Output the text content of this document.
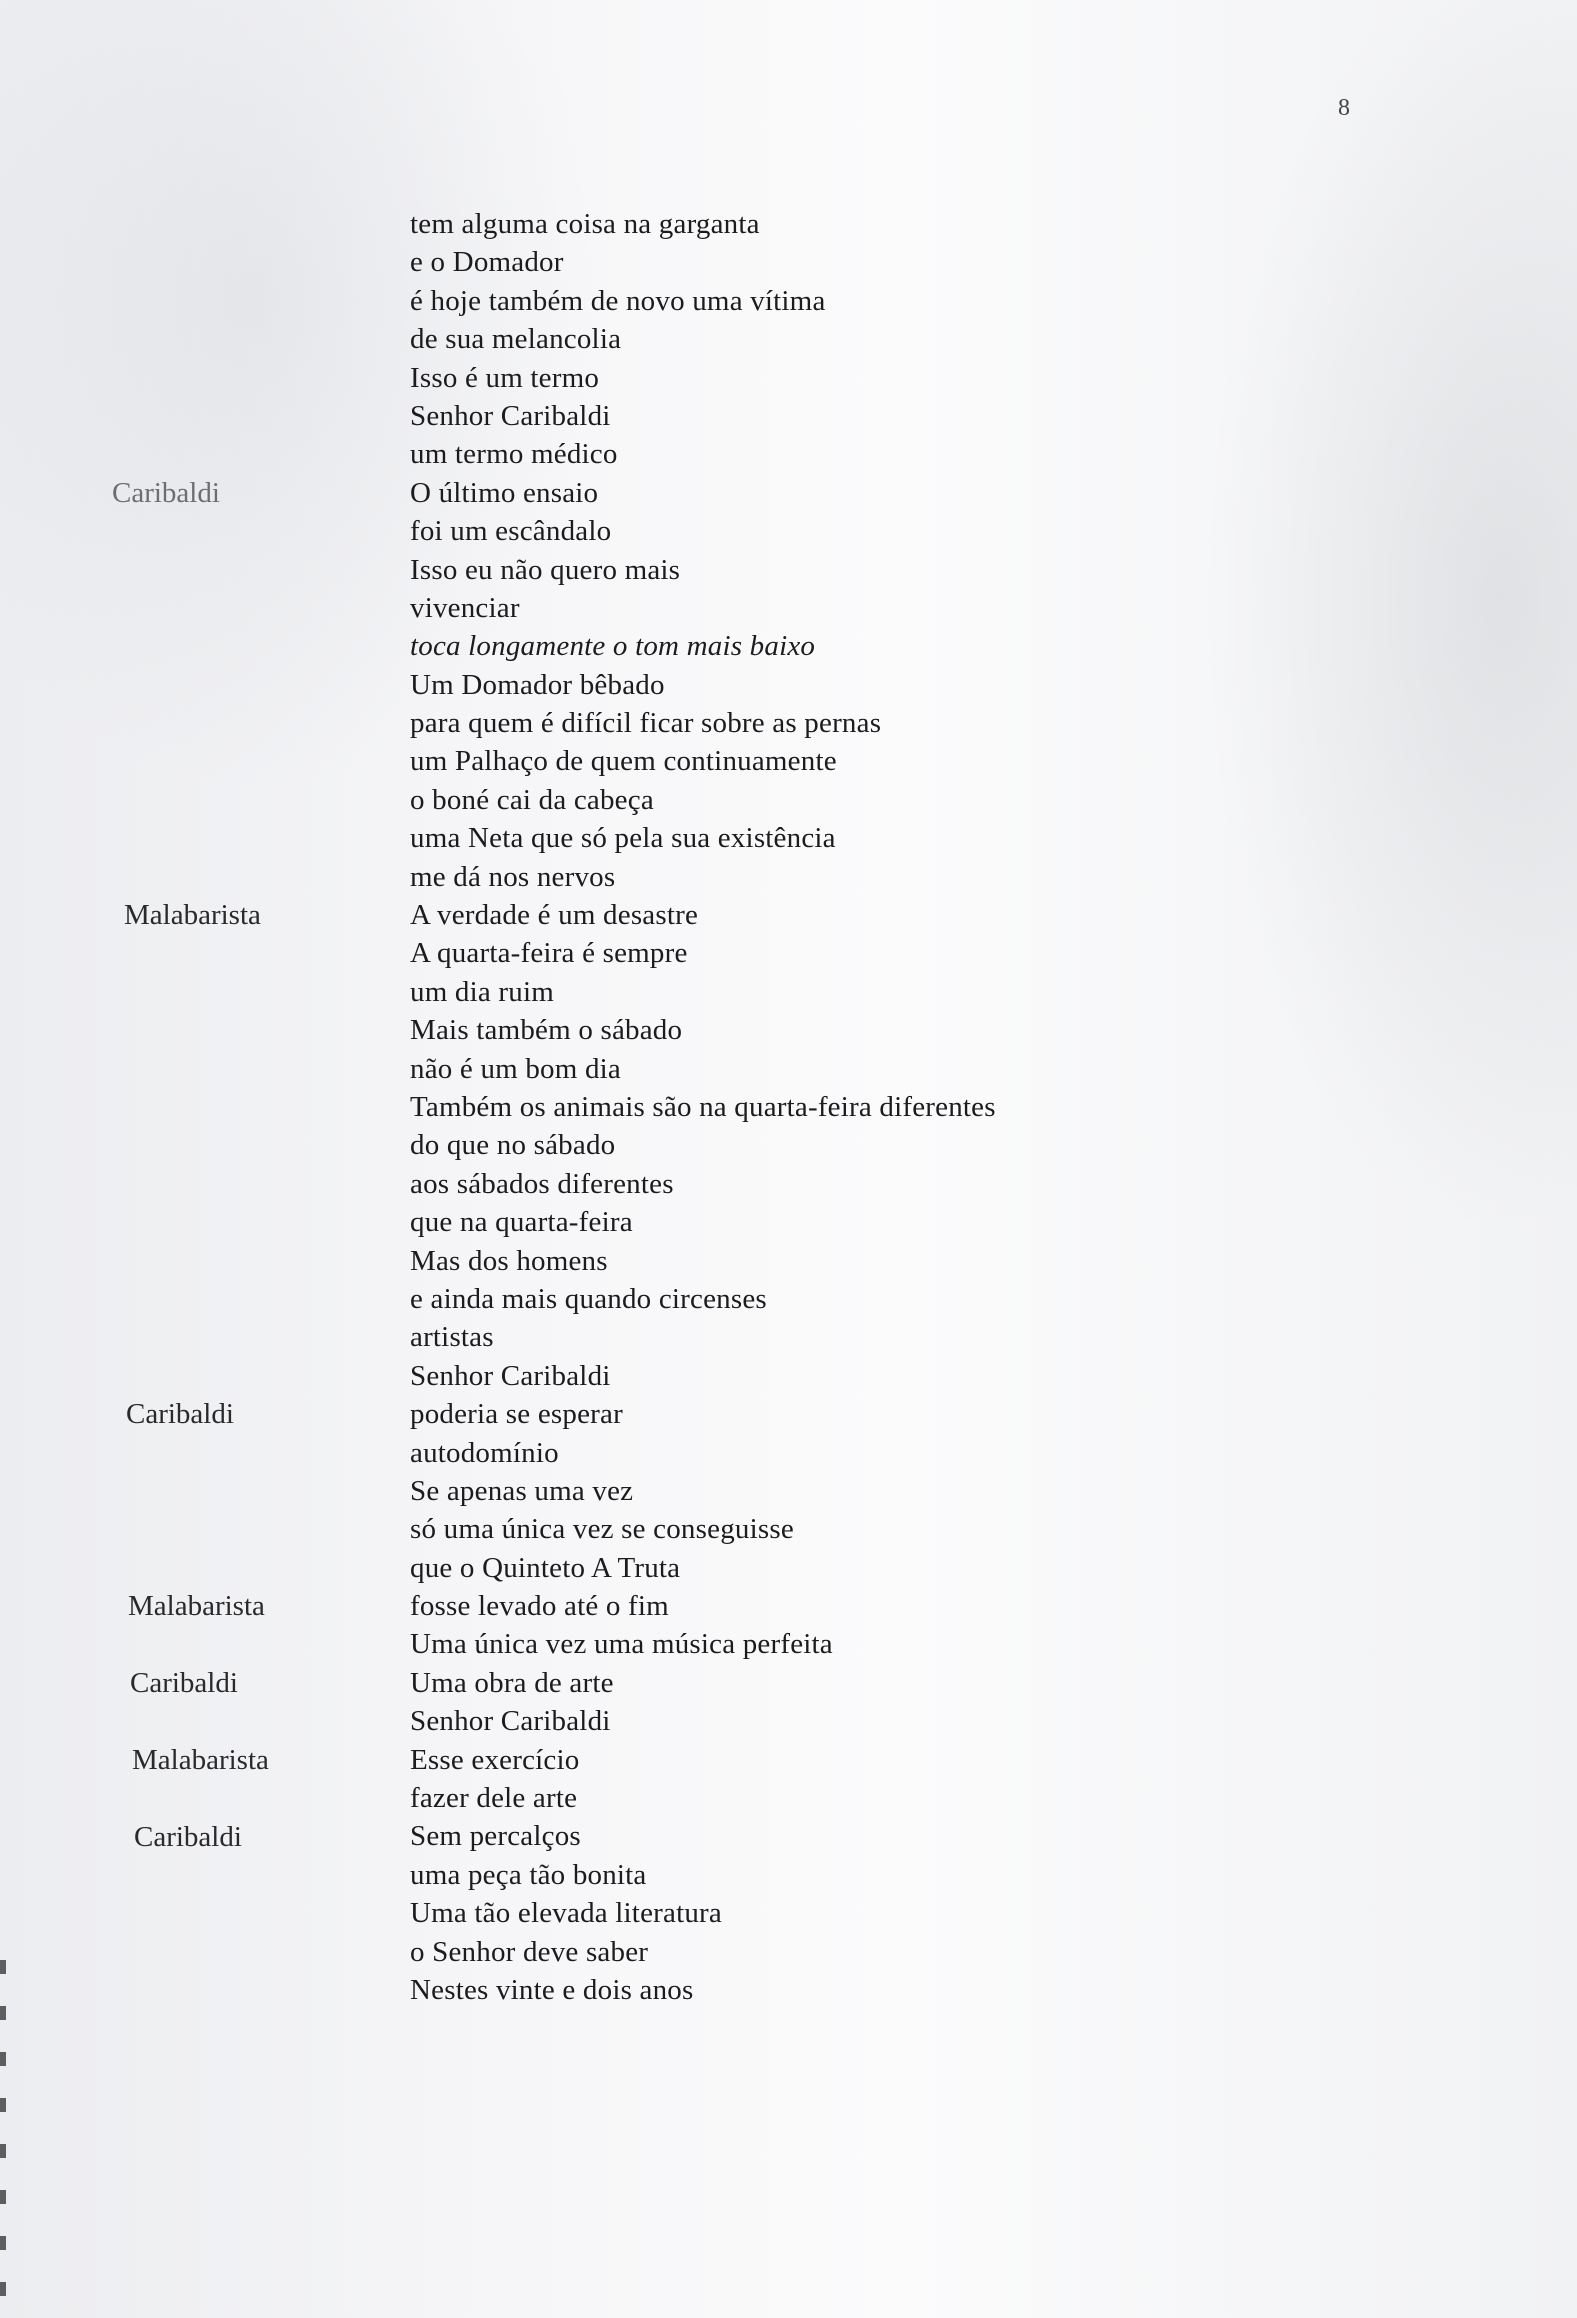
8
tem alguma coisa na garganta
e o Domador
é hoje também de novo uma vítima
de sua melancolia
Isso é um termo
Senhor Caribaldi
um termo médico
O último ensaio
foi um escândalo
Isso eu não quero mais
vivenciar
toca longamente o tom mais baixo
Um Domador bêbado
para quem é difícil ficar sobre as pernas
um Palhaço de quem continuamente
o boné cai da cabeça
uma Neta que só pela sua existência
me dá nos nervos
A verdade é um desastre
A quarta-feira é sempre
um dia ruim
Mais também o sábado
não é um bom dia
Também os animais são na quarta-feira diferentes
do que no sábado
aos sábados diferentes
que na quarta-feira
Mas dos homens
e ainda mais quando circenses
artistas
Senhor Caribaldi
poderia se esperar
autodomínio
Se apenas uma vez
só uma única vez se conseguisse
que o Quinteto A Truta
fosse levado até o fim
Uma única vez uma música perfeita
Uma obra de arte
Senhor Caribaldi
Esse exercício
fazer dele arte
Sem percalços
uma peça tão bonita
Uma tão elevada literatura
o Senhor deve saber
Nestes vinte e dois anos
Caribaldi
Malabarista
Caribaldi
Malabarista
Caribaldi
Malabarista
Caribaldi
